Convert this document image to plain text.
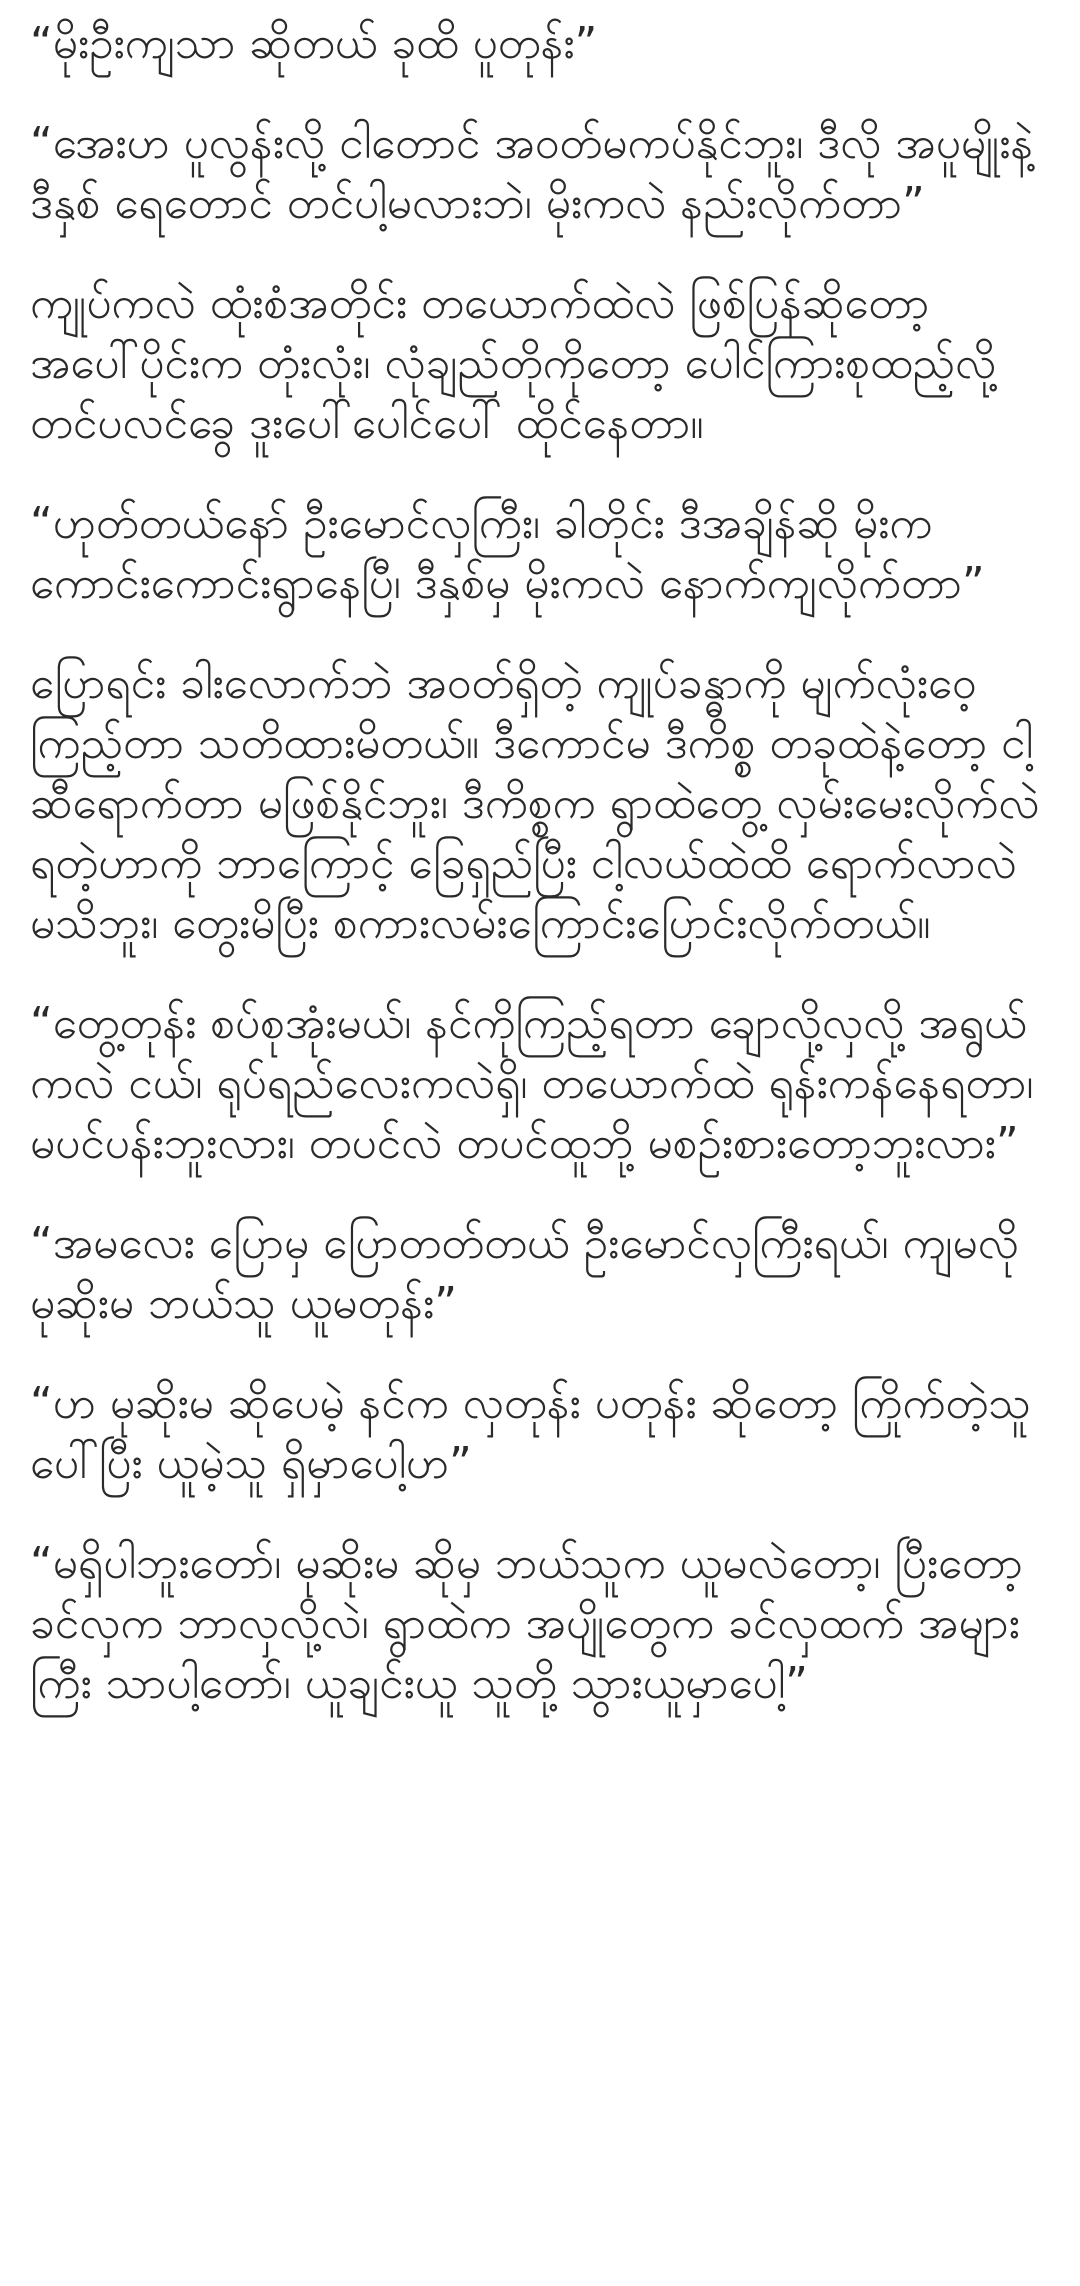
“မိုးဦးကျသာ ဆိုတယ် ခုထိ ပူတုန်း”

“အေးဟ ပူလွန်းလို့ ငါတောင် အဝတ်မကပ်နိုင်ဘူး၊ ဒီလို အပူမျိုးနဲ့ ဒီနှစ် ရေတောင် တင်ပါ့မလားဘဲ၊ မိုးကလဲ နည်းလိုက်တာ”

ကျုပ်ကလဲ ထုံးစံအတိုင်း တယောက်ထဲလဲ ဖြစ်ပြန်ဆိုတော့ အပေါ်ပိုင်းက တုံးလုံး၊ လုံချည်တိုကိုတော့ ပေါင်ကြားစုထည့်လို့ တင်ပလင်ခွေ ဒူးပေါ်ပေါင်ပေါ် ထိုင်နေတာ။

“ဟုတ်တယ်နော် ဦးမောင်လှကြီး၊ ခါတိုင်း ဒီအချိန်ဆို မိုးကကောင်းကောင်းရွာနေပြီ၊ ဒီနှစ်မှ မိုးကလဲ နောက်ကျလိုက်တာ”

ပြောရင်း ခါးလောက်ဘဲ အဝတ်ရှိတဲ့ ကျုပ်ခန္ဓာကို မျက်လုံးဝေ့ကြည့်တာ သတိထားမိတယ်။ ဒီကောင်မ ဒီကိစ္စ တခုထဲနဲ့တော့ ငါ့ဆီရောက်တာ မဖြစ်နိုင်ဘူး၊ ဒီကိစ္စက ရွာထဲတွေ့ လှမ်းမေးလိုက်လဲ ရတဲ့ဟာကို ဘာကြောင့် ခြေရှည်ပြီး ငါ့လယ်ထဲထိ ရောက်လာလဲ မသိဘူး၊ တွေးမိပြီး စကားလမ်းကြောင်းပြောင်းလိုက်တယ်။

“တွေ့တုန်း စပ်စုအုံးမယ်၊ နင်ကိုကြည့်ရတာ ချောလို့လှလို့ အရွယ်ကလဲ ငယ်၊ ရုပ်ရည်လေးကလဲရှိ၊ တယောက်ထဲ ရုန်းကန်နေရတာ၊ မပင်ပန်းဘူးလား၊ တပင်လဲ တပင်ထူဘို့ မစဉ်းစားတော့ဘူးလား”

“အမလေး ပြောမှ ပြောတတ်တယ် ဦးမောင်လှကြီးရယ်၊ ကျမလို မုဆိုးမ ဘယ်သူ ယူမတုန်း”

“ဟ မုဆိုးမ ဆိုပေမဲ့ နင်က လှတုန်း ပတုန်း ဆိုတော့ ကြိုက်တဲ့သူပေါ်ပြီး ယူမဲ့သူ ရှိမှာပေါ့ဟ”

“မရှိပါဘူးတော်၊ မုဆိုးမ ဆိုမှ ဘယ်သူက ယူမလဲတော့၊ ပြီးတော့ ခင်လှက ဘာလှလို့လဲ၊ ရွာထဲက အပျိုတွေက ခင်လှထက် အများကြီး သာပါ့တော်၊ ယူချင်းယူ သူတို့ သွားယူမှာပေါ့”
